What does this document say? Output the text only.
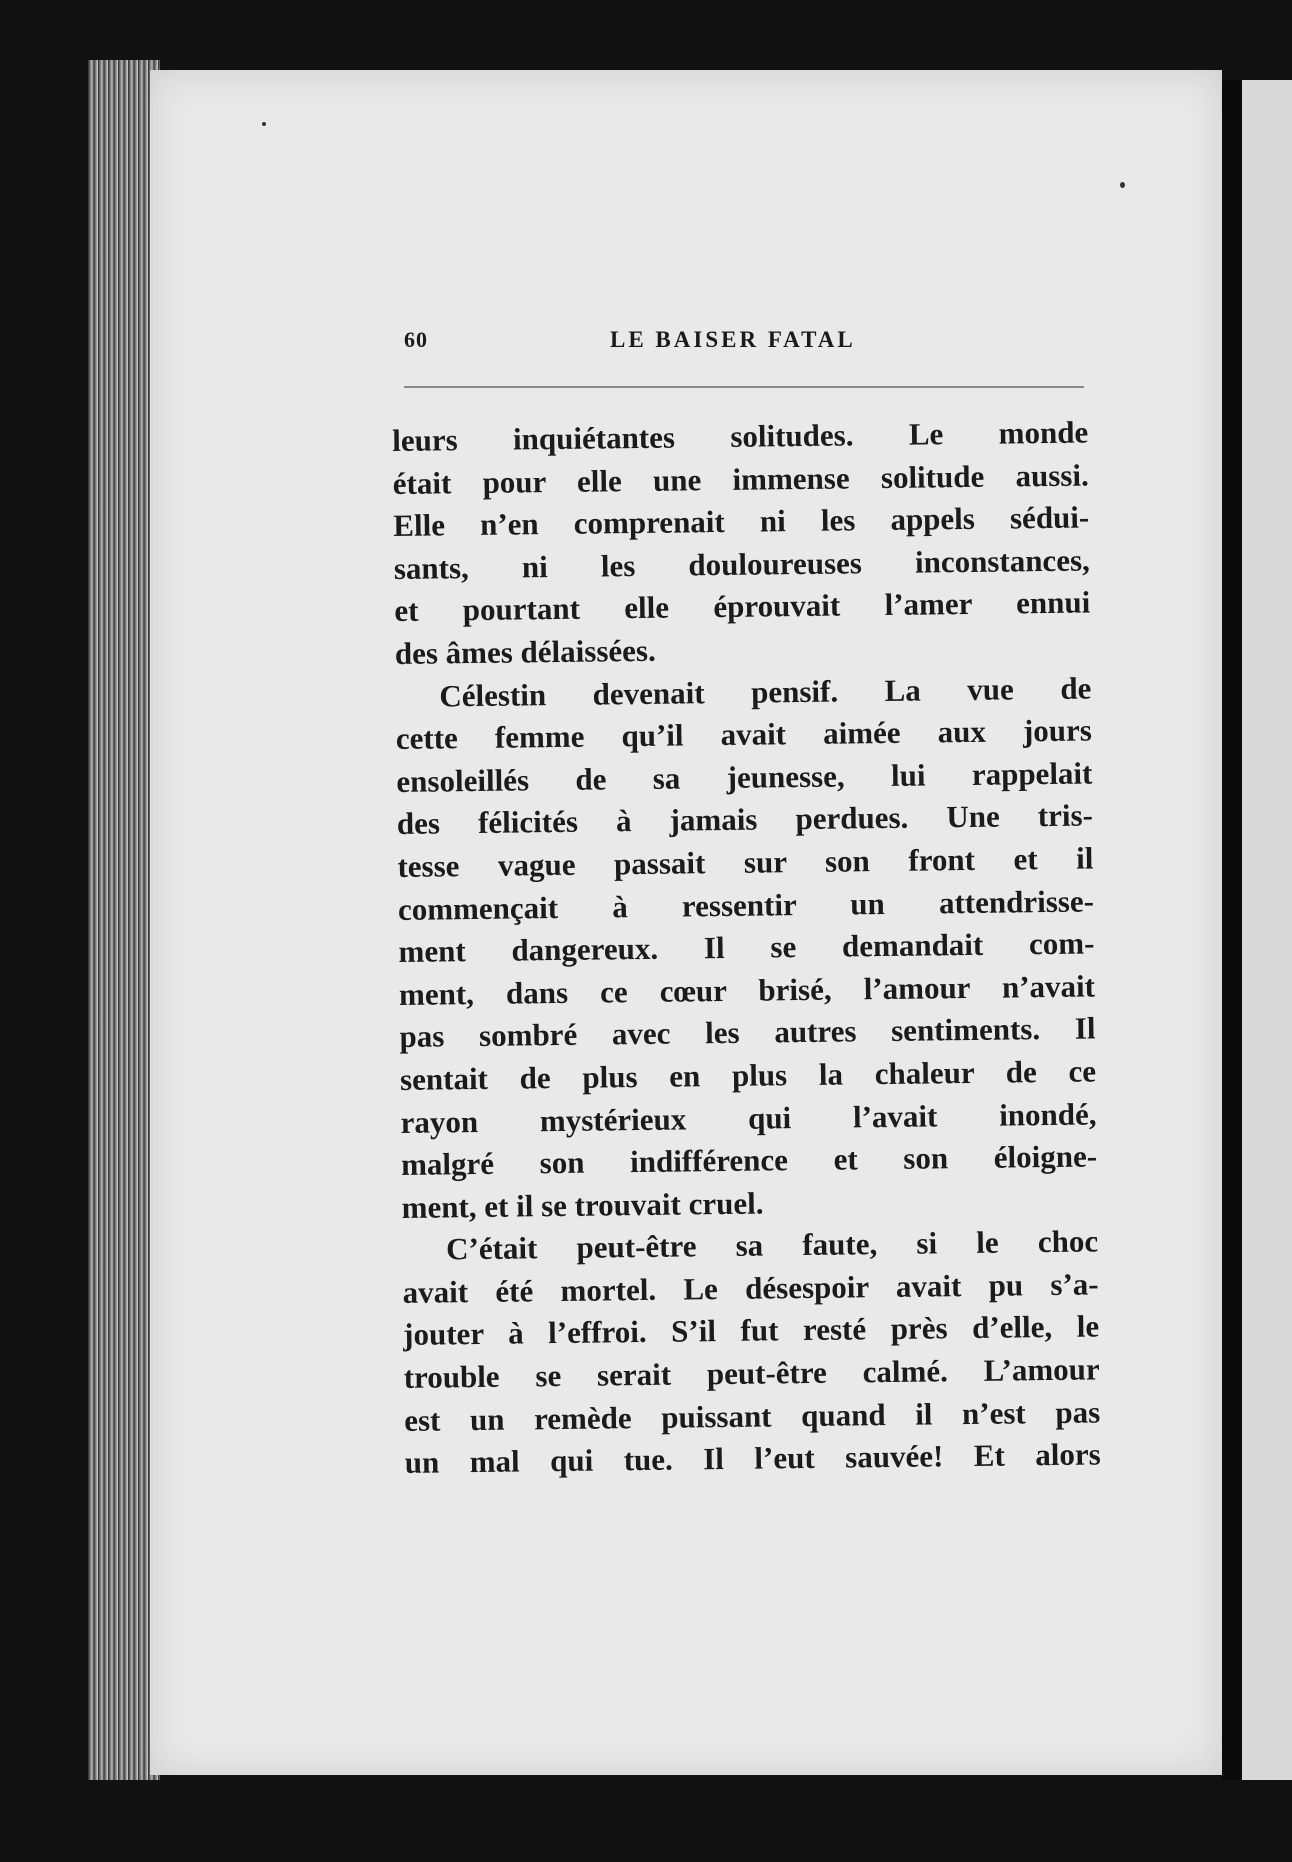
60	LE BAISER FATAL
leurs inquiétantes solitudes. Le monde
était pour elle une immense solitude aussi.
Elle n’en comprenait ni les appels sédui-
sants, ni les douloureuses inconstances,
et pourtant elle éprouvait l’amer ennui
des âmes délaissées.
Célestin devenait pensif. La vue de
cette femme qu’il avait aimée aux jours
ensoleillés de sa jeunesse, lui rappelait
des félicités à jamais perdues. Une tris-
tesse vague passait sur son front et il
commençait à ressentir un attendrisse-
ment dangereux. Il se demandait com-
ment, dans ce cœur brisé, l’amour n’avait
pas sombré avec les autres sentiments. Il
sentait de plus en plus la chaleur de ce
rayon mystérieux qui l’avait inondé,
malgré son indifférence et son éloigne-
ment, et il se trouvait cruel.
C’était peut-être sa faute, si le choc
avait été mortel. Le désespoir avait pu s’a-
jouter à l’effroi. S’il fut resté près d’elle, le
trouble se serait peut-être calmé. L’amour
est un remède puissant quand il n’est pas
un mal qui tue. Il l’eut sauvée! Et alors
